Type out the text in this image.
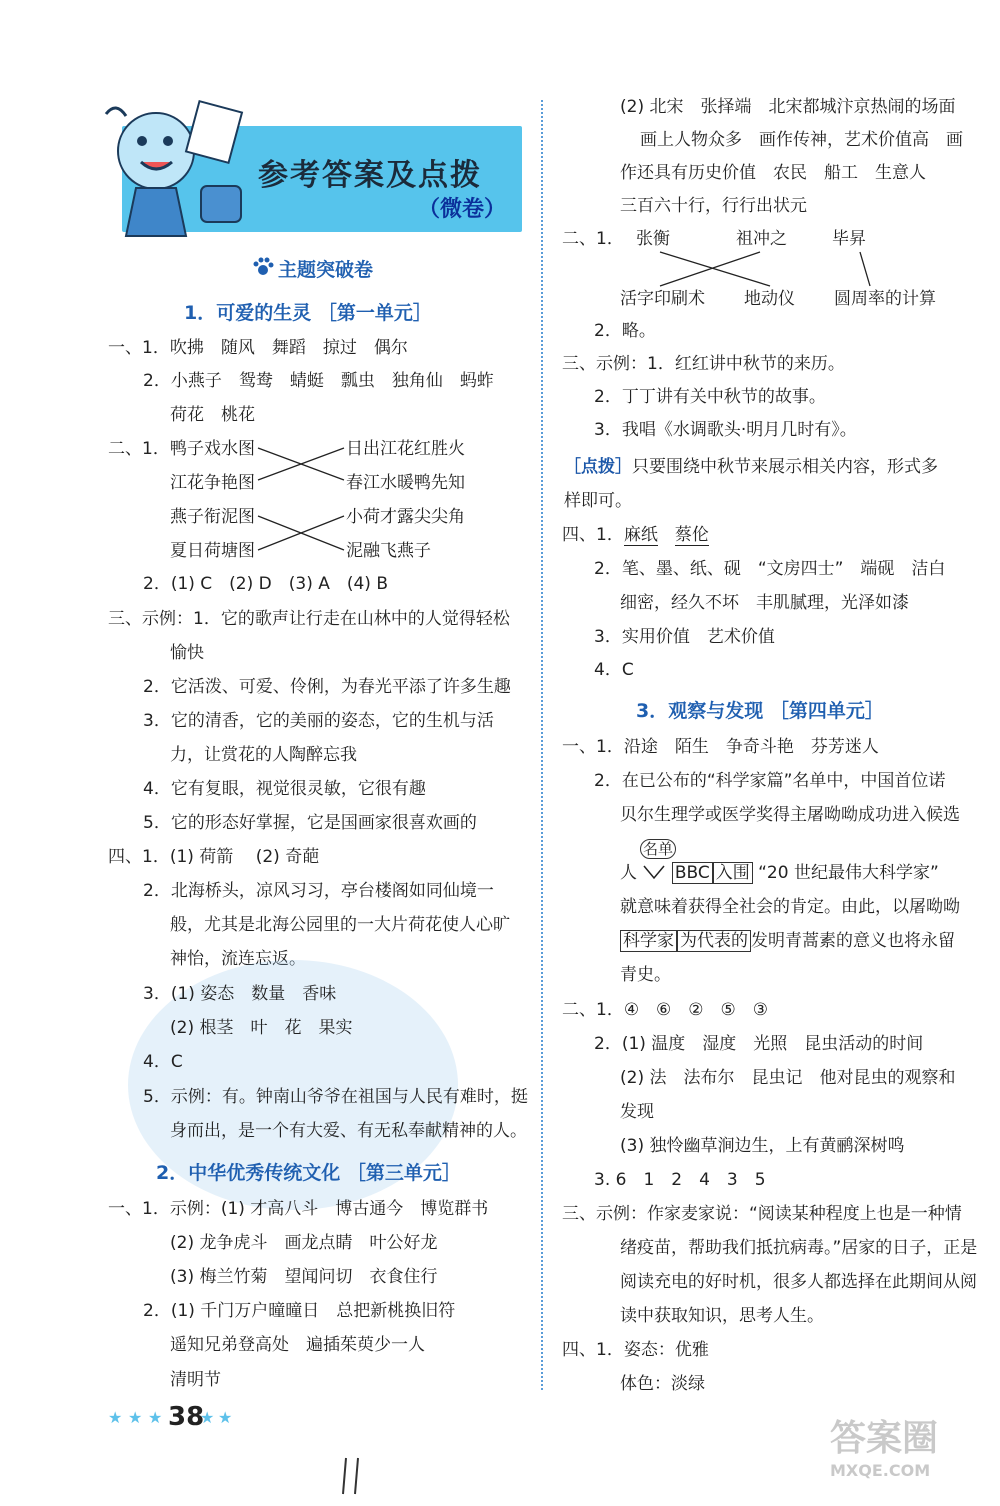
参考答案及点拨
（微卷）
主题突破卷
1．可爱的生灵 ［第一单元］
一、1．吹拂　随风　舞蹈　掠过　偶尔
2．小燕子　鸳鸯　蜻蜓　瓢虫　独角仙　蚂蚱
荷花　桃花
二、1． 鸭子戏水图
江花争艳图
燕子衔泥图
夏日荷塘图
日出江花红胜火
春江水暖鸭先知
小荷才露尖尖角
泥融飞燕子
2．(1) C　(2) D　(3) A　(4) B
三、示例：1．它的歌声让行走在山林中的人觉得轻松
愉快
2．它活泼、可爱、伶俐，为春光平添了许多生趣
3．它的清香，它的美丽的姿态，它的生机与活
力，让赏花的人陶醉忘我
4．它有复眼，视觉很灵敏，它很有趣
5．它的形态好掌握，它是国画家很喜欢画的
四、1．(1) 荷箭　 (2) 奇葩
2．北海桥头，凉风习习，亭台楼阁如同仙境一
般，尤其是北海公园里的一大片荷花使人心旷
神怡，流连忘返。
3．(1) 姿态　数量　香味
(2) 根茎　叶　花　果实
4．C
5．示例：有。钟南山爷爷在祖国与人民有难时，挺
身而出，是一个有大爱、有无私奉献精神的人。
2．中华优秀传统文化 ［第三单元］
一、1．示例：(1) 才高八斗　博古通今　博览群书
(2) 龙争虎斗　画龙点睛　叶公好龙
(3) 梅兰竹菊　望闻问切　衣食住行
2．(1) 千门万户曈曈日　总把新桃换旧符
遥知兄弟登高处　遍插茱萸少一人
清明节
(2) 北宋　张择端　北宋都城汴京热闹的场面
画上人物众多　画作传神，艺术价值高　画
作还具有历史价值　农民　船工　生意人
三百六十行，行行出状元
二、1． 张衡	祖冲之	毕昇
活字印刷术 地动仪 圆周率的计算
2．略。
三、示例：1．红红讲中秋节的来历。
2．丁丁讲有关中秋节的故事。
3．我唱《水调歌头·明月几时有》。
［点拨］只要围绕中秋节来展示相关内容，形式多
样即可。
四、1．麻纸　 蔡伦
2．笔、墨、纸、砚　“文房四士”　端砚　洁白
细密，经久不坏　丰肌腻理，光泽如漆
3．实用价值　艺术价值
4．C
3．观察与发现 ［第四单元］
一、1．沿途　陌生　争奇斗艳　芬芳迷人
2．在已公布的“科学家篇”名单中，中国首位诺
贝尔生理学或医学奖得主屠呦呦成功进入候选
名单
人 BBC 入围 “20 世纪最伟大科学家”
就意味着获得全社会的肯定。由此，以屠呦呦
科学家 为代表的 发明青蒿素的意义也将永留
青史。
二、1．④　⑥　②　⑤　③
2．(1) 温度　湿度　光照　昆虫活动的时间
(2) 法　法布尔　昆虫记　他对昆虫的观察和
发现
(3) 独怜幽草涧边生，上有黄鹂深树鸣
3. 6　1　2　4　3　5
三、示例：作家麦家说：“阅读某种程度上也是一种情
绪疫苗，帮助我们抵抗病毒。”居家的日子，正是
阅读充电的好时机，很多人都选择在此期间从阅
读中获取知识，思考人生。
四、1．姿态：优雅
体色：淡绿
★ ★ ★ 38
★ ★
答案圈
MXQE.COM
